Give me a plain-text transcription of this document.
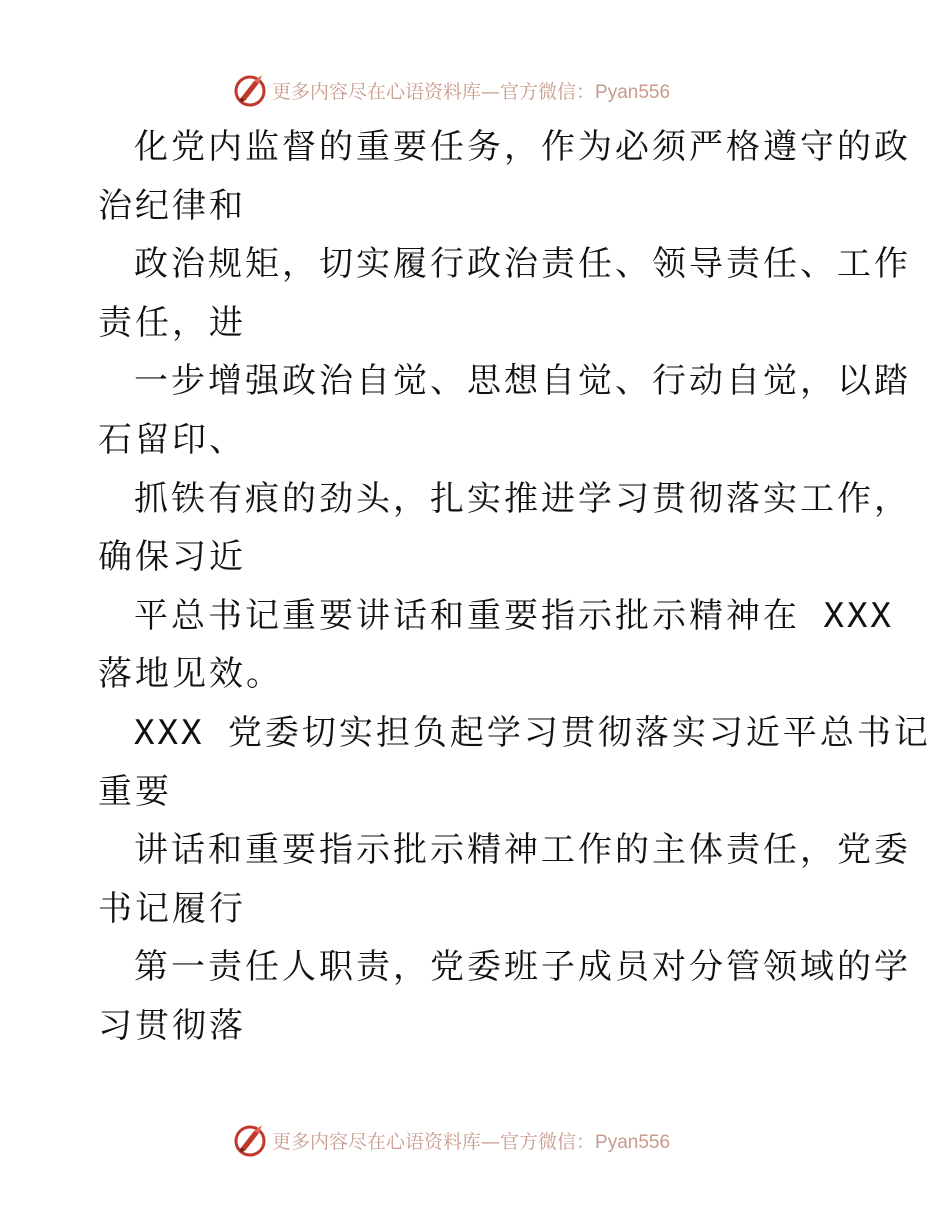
更多内容尽在心语资料库—官方微信：Pyan556
化党内监督的重要任务，作为必须严格遵守的政
治纪律和
政治规矩，切实履行政治责任、领导责任、工作
责任，进
一步增强政治自觉、思想自觉、行动自觉，以踏
石留印、
抓铁有痕的劲头，扎实推进学习贯彻落实工作，
确保习近
平总书记重要讲话和重要指示批示精神在 XXX
落地见效。
XXX 党委切实担负起学习贯彻落实习近平总书记
重要
讲话和重要指示批示精神工作的主体责任，党委
书记履行
第一责任人职责，党委班子成员对分管领域的学
习贯彻落
更多内容尽在心语资料库—官方微信：Pyan556
